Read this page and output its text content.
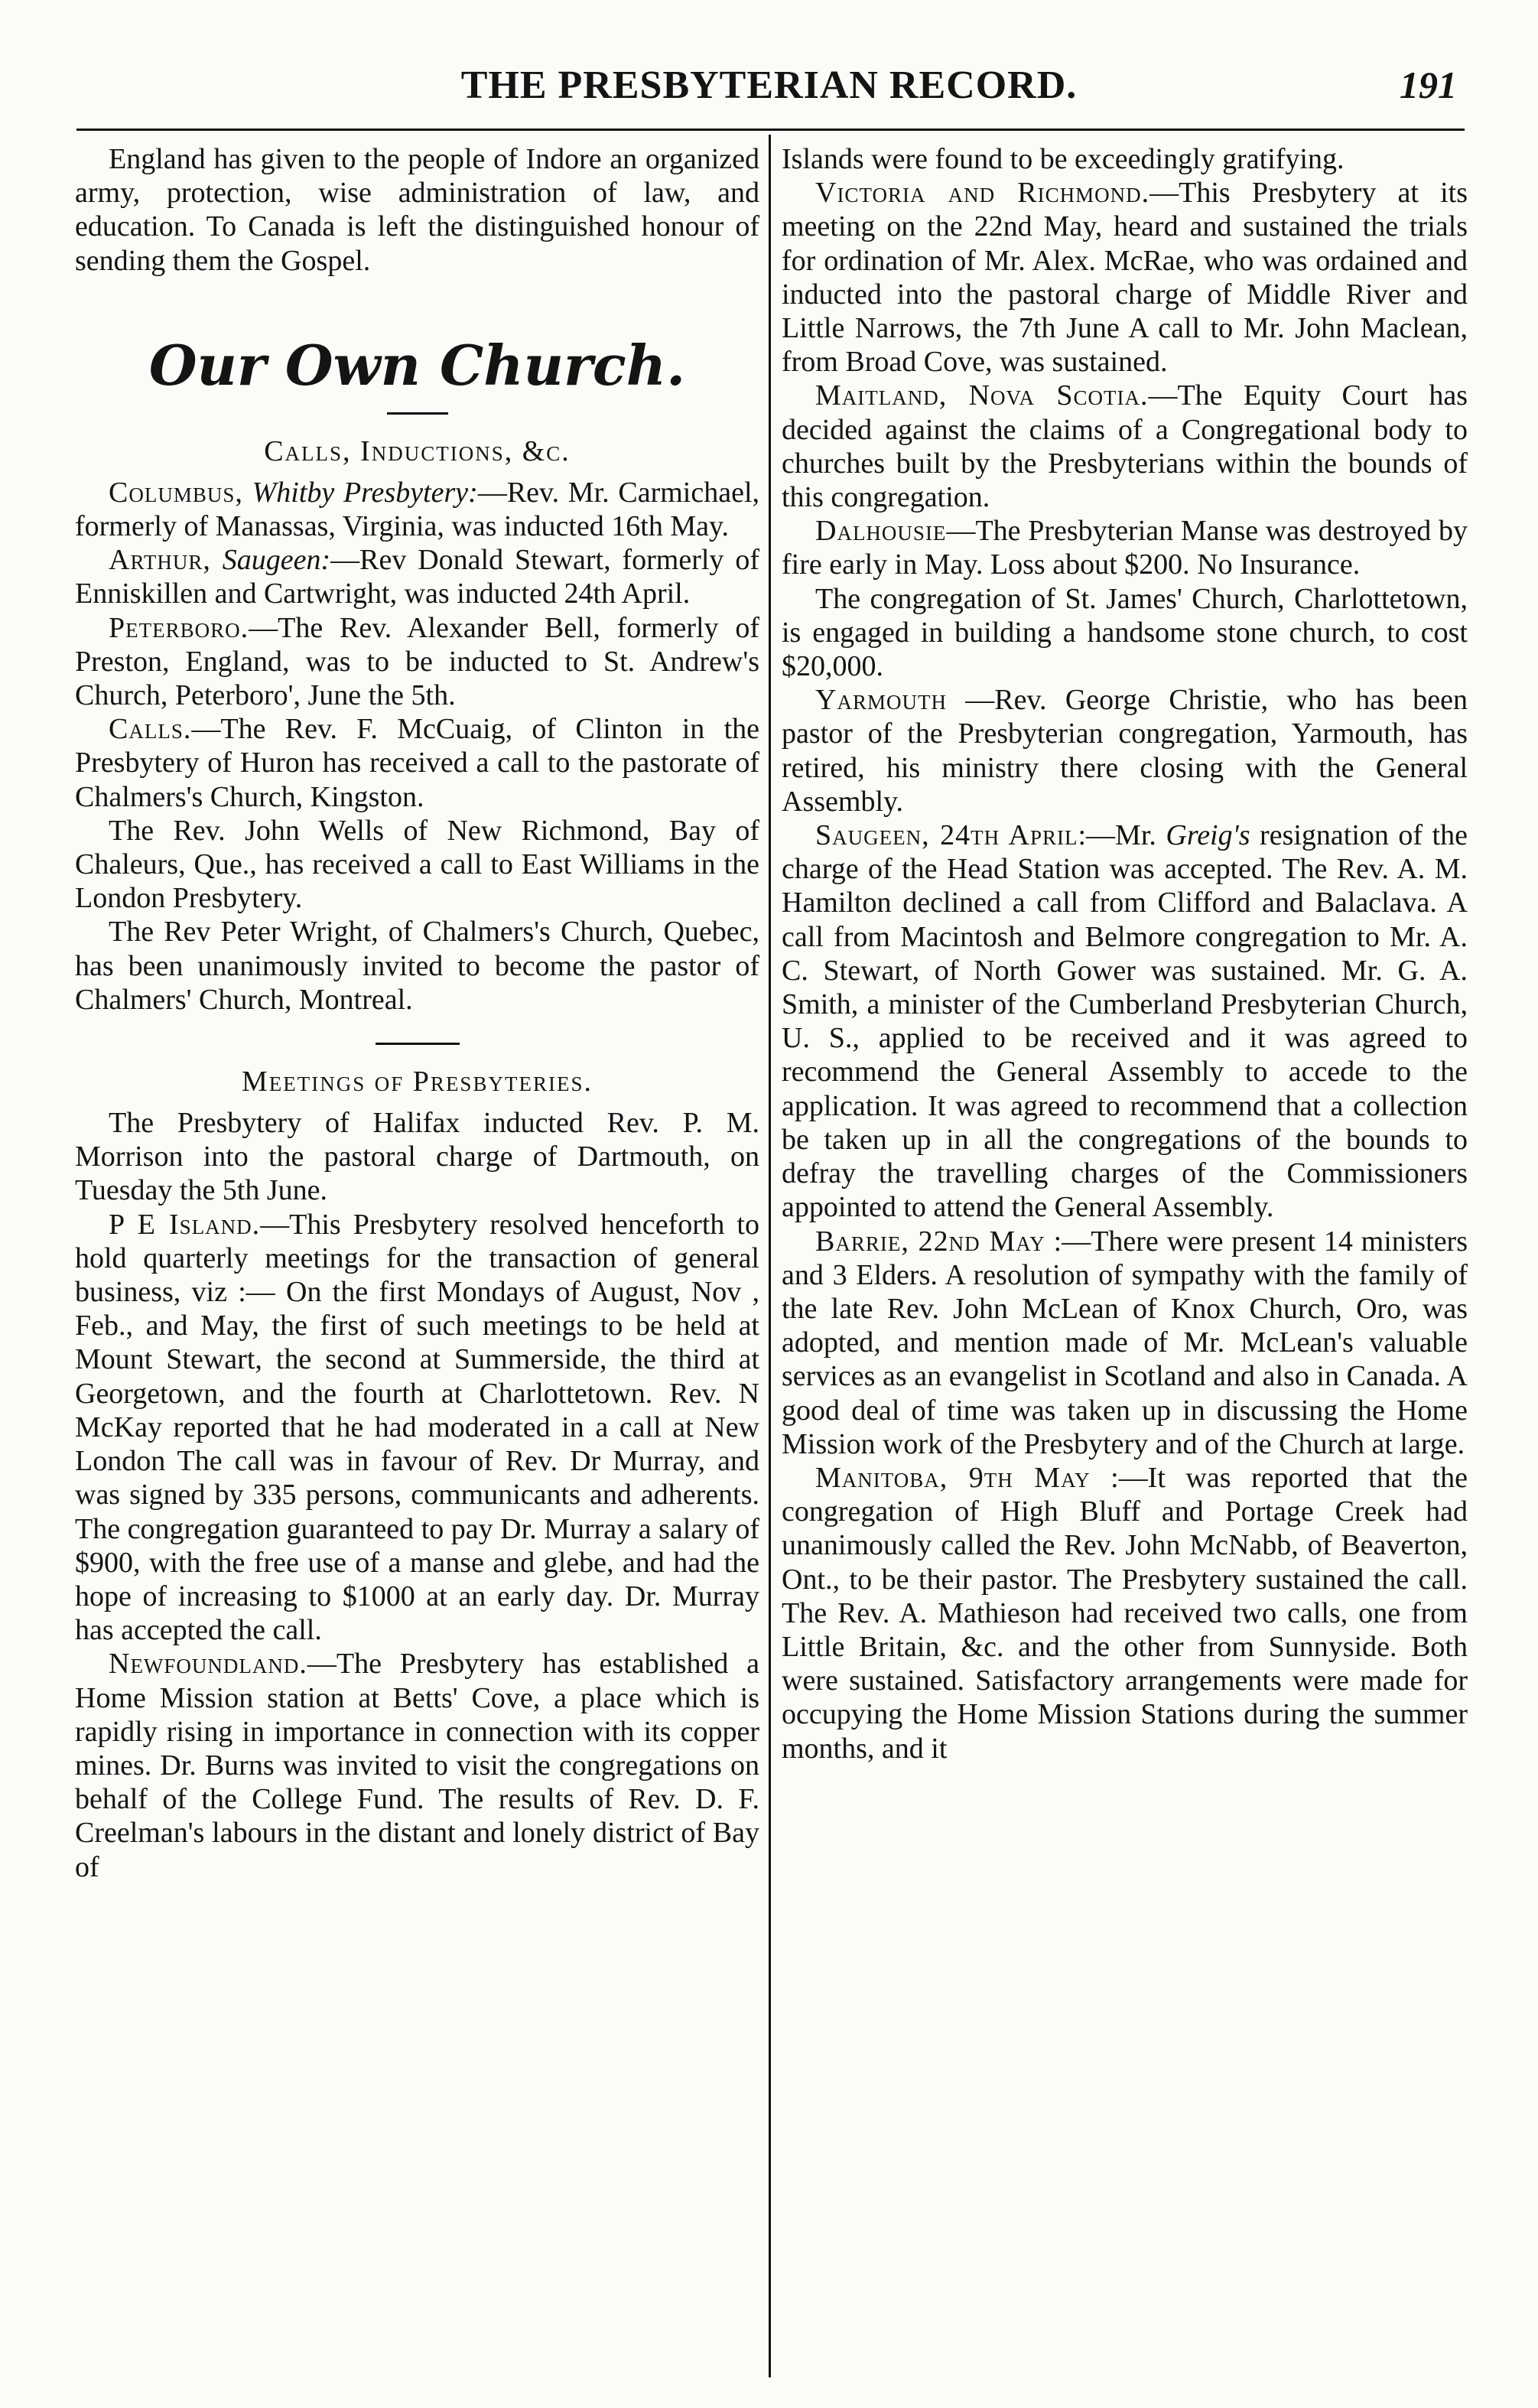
THE PRESBYTERIAN RECORD.	191

England has given to the people of Indore an organized army, protection, wise administration of law, and education. To Canada is left the distinguished honour of sending them the Gospel.

Our Own Church.
Calls, Inductions, &c.

Columbus, Whitby Presbytery:—Rev. Mr. Carmichael, formerly of Manassas, Virginia, was inducted 16th May.

Arthur, Saugeen:—Rev Donald Stewart, formerly of Enniskillen and Cartwright, was inducted 24th April.

Peterboro.—The Rev. Alexander Bell, formerly of Preston, England, was to be inducted to St. Andrew's Church, Peterboro', June the 5th.

Calls.—The Rev. F. McCuaig, of Clinton in the Presbytery of Huron has received a call to the pastorate of Chalmers's Church, Kingston.

The Rev. John Wells of New Richmond, Bay of Chaleurs, Que., has received a call to East Williams in the London Presbytery.

The Rev Peter Wright, of Chalmers's Church, Quebec, has been unanimously invited to become the pastor of Chalmers' Church, Montreal.

Meetings of Presbyteries.

The Presbytery of Halifax inducted Rev. P. M. Morrison into the pastoral charge of Dartmouth, on Tuesday the 5th June.

P E Island.—This Presbytery resolved henceforth to hold quarterly meetings for the transaction of general business, viz :— On the first Mondays of August, Nov , Feb., and May, the first of such meetings to be held at Mount Stewart, the second at Summerside, the third at Georgetown, and the fourth at Charlottetown. Rev. N McKay reported that he had moderated in a call at New London The call was in favour of Rev. Dr Murray, and was signed by 335 persons, communicants and adherents. The congregation guaranteed to pay Dr. Murray a salary of $900, with the free use of a manse and glebe, and had the hope of increasing to $1000 at an early day. Dr. Murray has accepted the call.

Newfoundland.—The Presbytery has established a Home Mission station at Betts' Cove, a place which is rapidly rising in importance in connection with its copper mines. Dr. Burns was invited to visit the congregations on behalf of the College Fund. The results of Rev. D. F. Creelman's labours in the distant and lonely district of Bay of

Islands were found to be exceedingly gratifying.

Victoria and Richmond.—This Presbytery at its meeting on the 22nd May, heard and sustained the trials for ordination of Mr. Alex. McRae, who was ordained and inducted into the pastoral charge of Middle River and Little Narrows, the 7th June A call to Mr. John Maclean, from Broad Cove, was sustained.

Maitland, Nova Scotia.—The Equity Court has decided against the claims of a Congregational body to churches built by the Presbyterians within the bounds of this congregation.

Dalhousie—The Presbyterian Manse was destroyed by fire early in May. Loss about $200. No Insurance.

The congregation of St. James' Church, Charlottetown, is engaged in building a handsome stone church, to cost $20,000.

Yarmouth —Rev. George Christie, who has been pastor of the Presbyterian congregation, Yarmouth, has retired, his ministry there closing with the General Assembly.

Saugeen, 24th April:—Mr. Greig's resignation of the charge of the Head Station was accepted. The Rev. A. M. Hamilton declined a call from Clifford and Balaclava. A call from Macintosh and Belmore congregation to Mr. A. C. Stewart, of North Gower was sustained. Mr. G. A. Smith, a minister of the Cumberland Presbyterian Church, U. S., applied to be received and it was agreed to recommend the General Assembly to accede to the application. It was agreed to recommend that a collection be taken up in all the congregations of the bounds to defray the travelling charges of the Commissioners appointed to attend the General Assembly.

Barrie, 22nd May :—There were present 14 ministers and 3 Elders. A resolution of sympathy with the family of the late Rev. John McLean of Knox Church, Oro, was adopted, and mention made of Mr. McLean's valuable services as an evangelist in Scotland and also in Canada. A good deal of time was taken up in discussing the Home Mission work of the Presbytery and of the Church at large.

Manitoba, 9th May :—It was reported that the congregation of High Bluff and Portage Creek had unanimously called the Rev. John McNabb, of Beaverton, Ont., to be their pastor. The Presbytery sustained the call. The Rev. A. Mathieson had received two calls, one from Little Britain, &c. and the other from Sunnyside. Both were sustained. Satisfactory arrangements were made for occupying the Home Mission Stations during the summer months, and it
